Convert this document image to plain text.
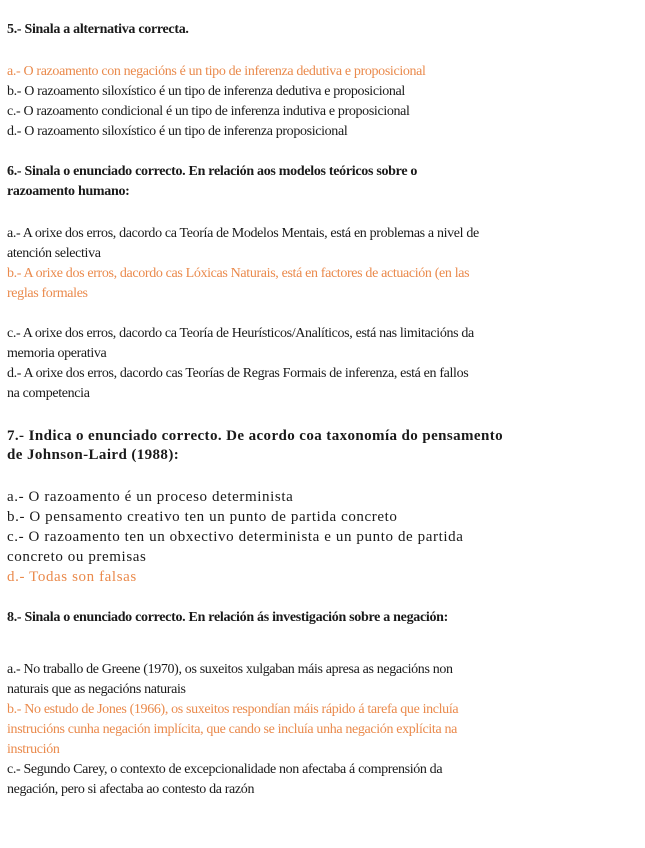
5.- Sinala a alternativa correcta.

a.- O razoamento con negacións é un tipo de inferenza dedutiva e proposicional

b.- O razoamento siloxístico é un tipo de inferenza dedutiva e proposicional

c.- O razoamento condicional é un tipo de inferenza indutiva e proposicional

d.- O razoamento siloxístico é un tipo de inferenza proposicional

6.- Sinala o enunciado correcto. En relación aos modelos teóricos sobre o

razoamento humano:

a.- A orixe dos erros, dacordo ca Teoría de Modelos Mentais, está en problemas a nivel de

atención selectiva

b.- A orixe dos erros, dacordo cas Lóxicas Naturais, está en factores de actuación (en las

reglas formales

c.- A orixe dos erros, dacordo ca Teoría de Heurísticos/Analíticos, está nas limitacións da

memoria operativa

d.- A orixe dos erros, dacordo cas Teorías de Regras Formais de inferenza, está en fallos

na competencia

7.- Indica o enunciado correcto. De acordo coa taxonomía do pensamento

de Johnson-Laird (1988):

a.- O razoamento é un proceso determinista

b.- O pensamento creativo ten un punto de partida concreto

c.- O razoamento ten un obxectivo determinista e un punto de partida

concreto ou premisas

d.- Todas son falsas

8.- Sinala o enunciado correcto. En relación ás investigación sobre a negación:

a.- No traballo de Greene (1970), os suxeitos xulgaban máis apresa as negacións non

naturais que as negacións naturais

b.- No estudo de Jones (1966), os suxeitos respondían máis rápido á tarefa que incluía

instrucións cunha negación implícita, que cando se incluía unha negación explícita na

instrución

c.- Segundo Carey, o contexto de excepcionalidade non afectaba á comprensión da

negación, pero si afectaba ao contesto da razón
